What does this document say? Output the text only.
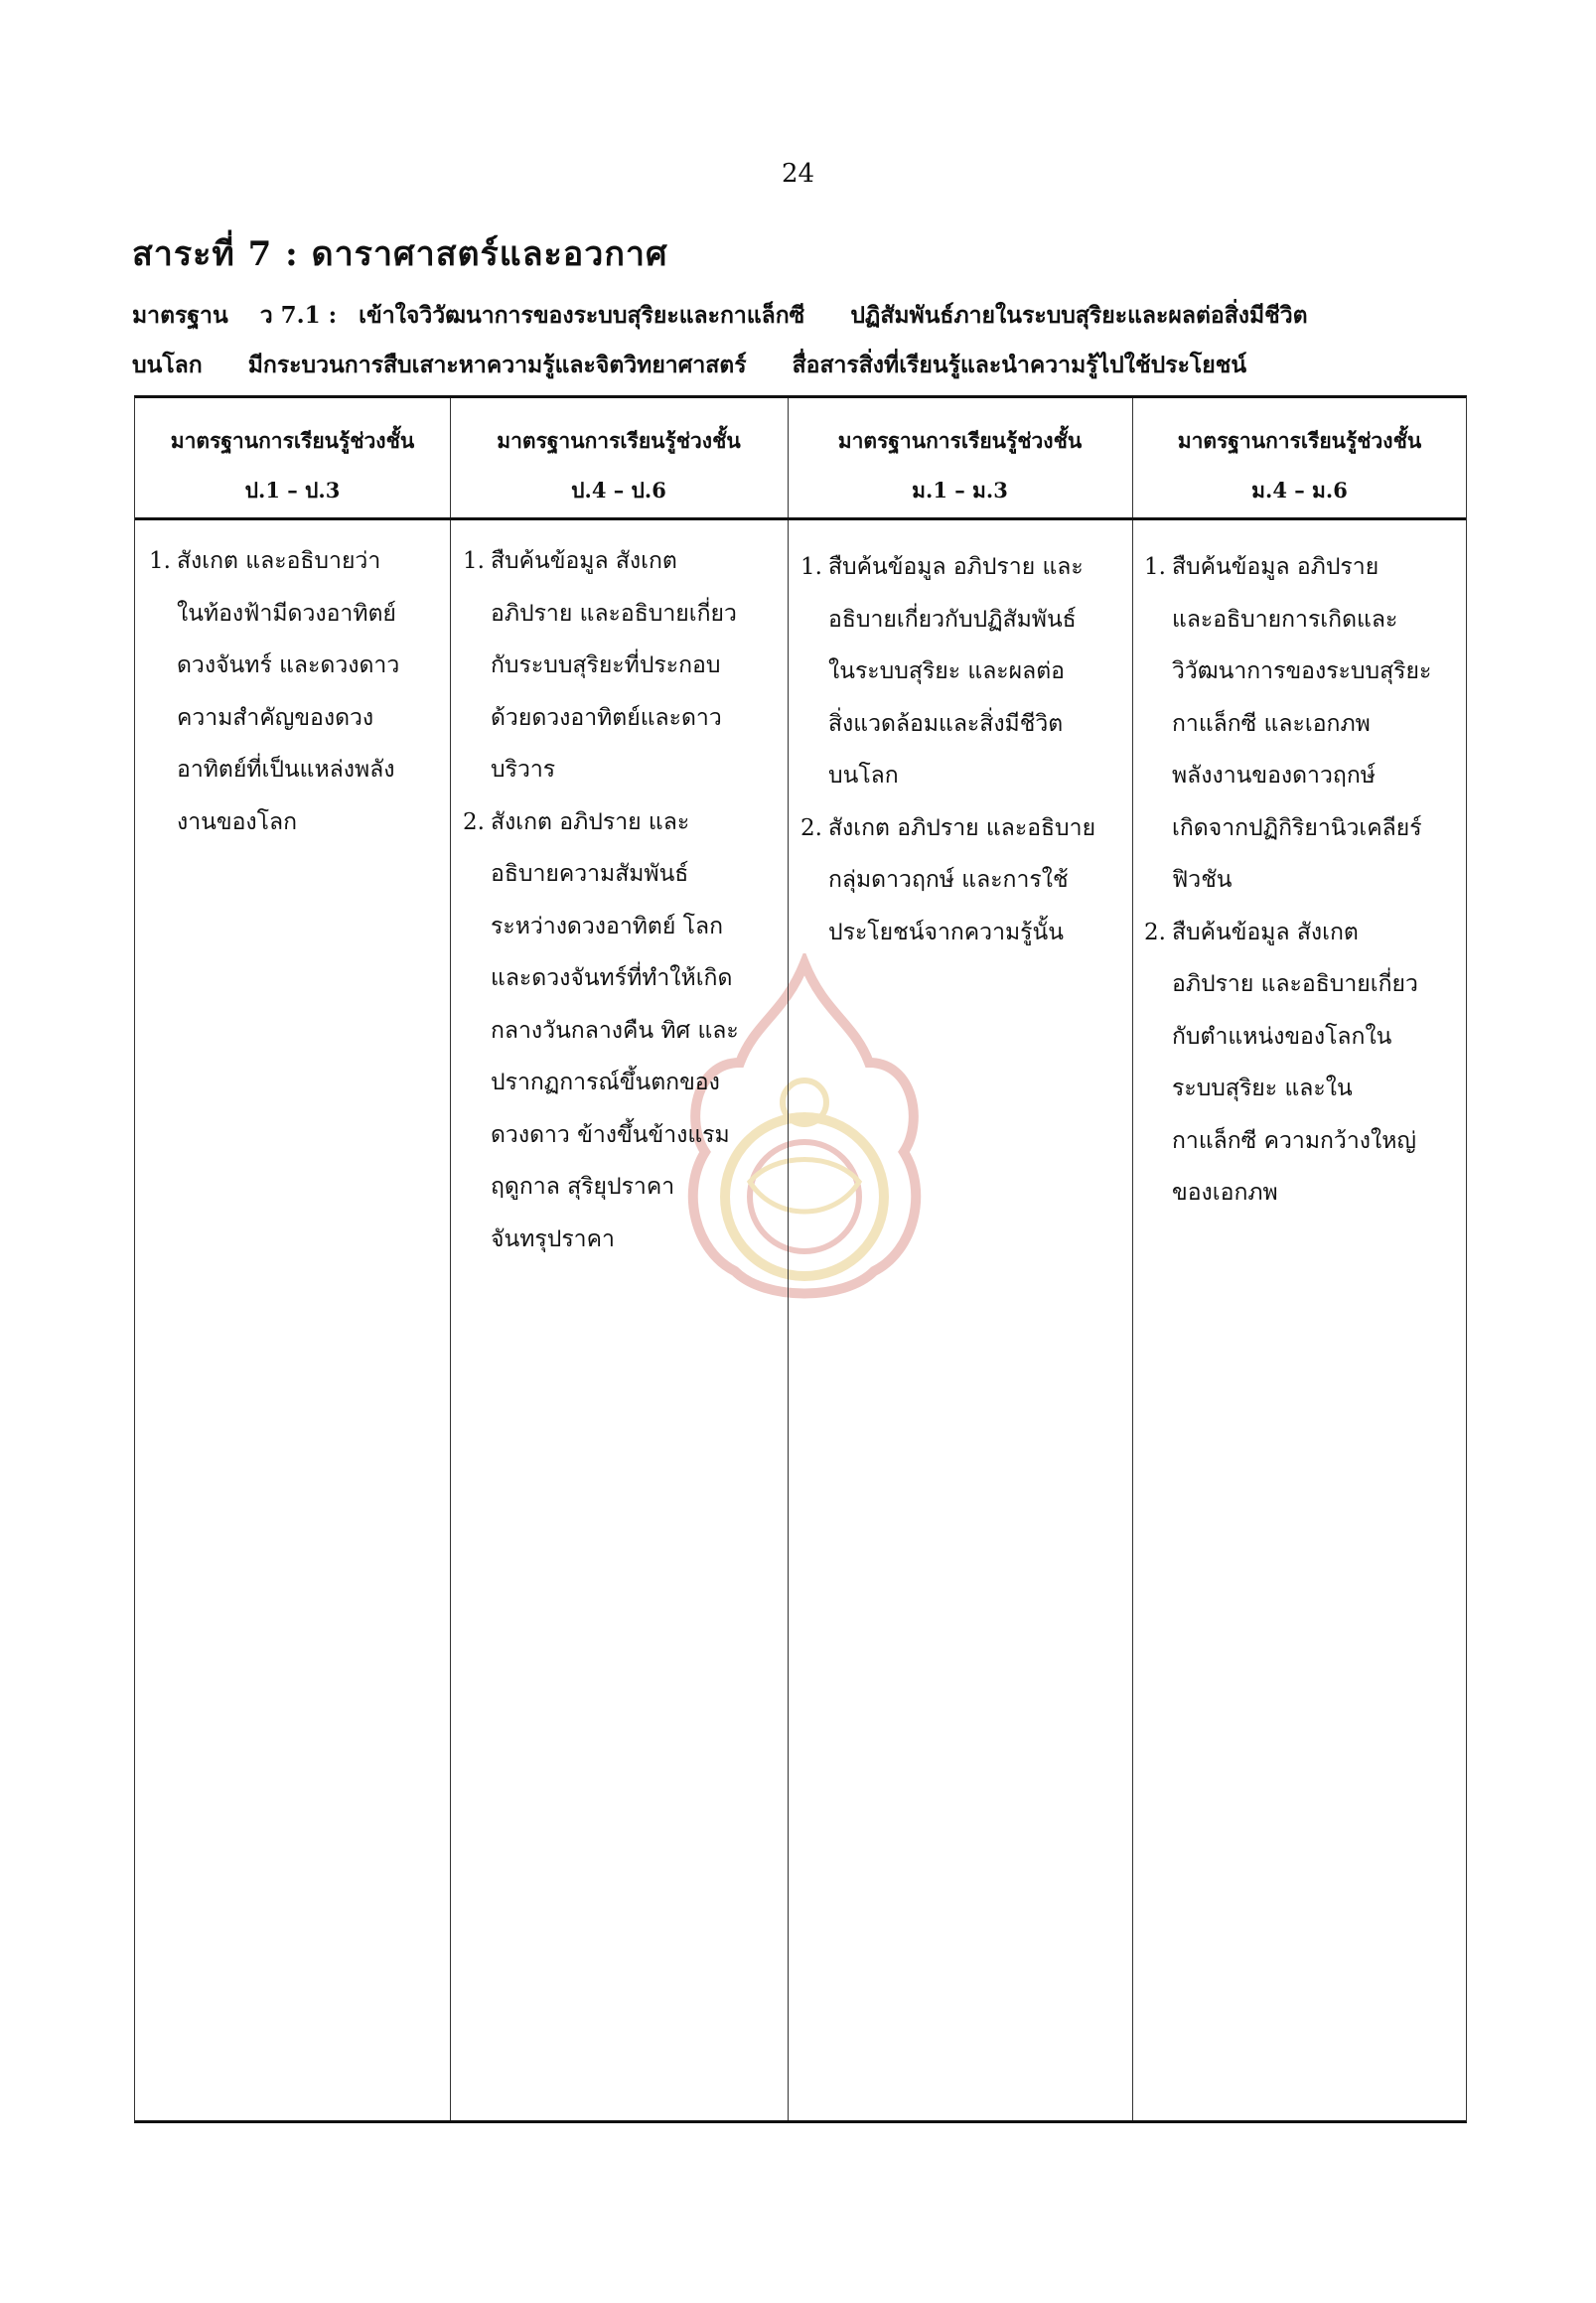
24
สาระที่ 7 : ดาราศาสตร์และอวกาศ
มาตรฐาน ว 7.1 : เข้าใจวิวัฒนาการของระบบสุริยะและกาแล็กซี ปฏิสัมพันธ์ภายในระบบสุริยะและผลต่อสิ่งมีชีวิต
บนโลก มีกระบวนการสืบเสาะหาความรู้และจิตวิทยาศาสตร์ สื่อสารสิ่งที่เรียนรู้และนำความรู้ไปใช้ประโยชน์
มาตรฐานการเรียนรู้ช่วงชั้น
ป.1 – ป.3
มาตรฐานการเรียนรู้ช่วงชั้น
ป.4 – ป.6
มาตรฐานการเรียนรู้ช่วงชั้น
ม.1 – ม.3
มาตรฐานการเรียนรู้ช่วงชั้น
ม.4 – ม.6
1. สังเกต และอธิบายว่า
ในท้องฟ้ามีดวงอาทิตย์
ดวงจันทร์ และดวงดาว
ความสำคัญของดวง
อาทิตย์ที่เป็นแหล่งพลัง
งานของโลก
1. สืบค้นข้อมูล สังเกต
อภิปราย และอธิบายเกี่ยว
กับระบบสุริยะที่ประกอบ
ด้วยดวงอาทิตย์และดาว
บริวาร
2. สังเกต อภิปราย และ
อธิบายความสัมพันธ์
ระหว่างดวงอาทิตย์ โลก
และดวงจันทร์ที่ทำให้เกิด
กลางวันกลางคืน ทิศ และ
ปรากฏการณ์ขึ้นตกของ
ดวงดาว ข้างขึ้นข้างแรม
ฤดูกาล สุริยุปราคา
จันทรุปราคา
1. สืบค้นข้อมูล อภิปราย และ
อธิบายเกี่ยวกับปฏิสัมพันธ์
ในระบบสุริยะ และผลต่อ
สิ่งแวดล้อมและสิ่งมีชีวิต
บนโลก
2. สังเกต อภิปราย และอธิบาย
กลุ่มดาวฤกษ์ และการใช้
ประโยชน์จากความรู้นั้น
1. สืบค้นข้อมูล อภิปราย
และอธิบายการเกิดและ
วิวัฒนาการของระบบสุริยะ
กาแล็กซี และเอกภพ
พลังงานของดาวฤกษ์
เกิดจากปฏิกิริยานิวเคลียร์
ฟิวชัน
2. สืบค้นข้อมูล สังเกต
อภิปราย และอธิบายเกี่ยว
กับตำแหน่งของโลกใน
ระบบสุริยะ และใน
กาแล็กซี ความกว้างใหญ่
ของเอกภพ
